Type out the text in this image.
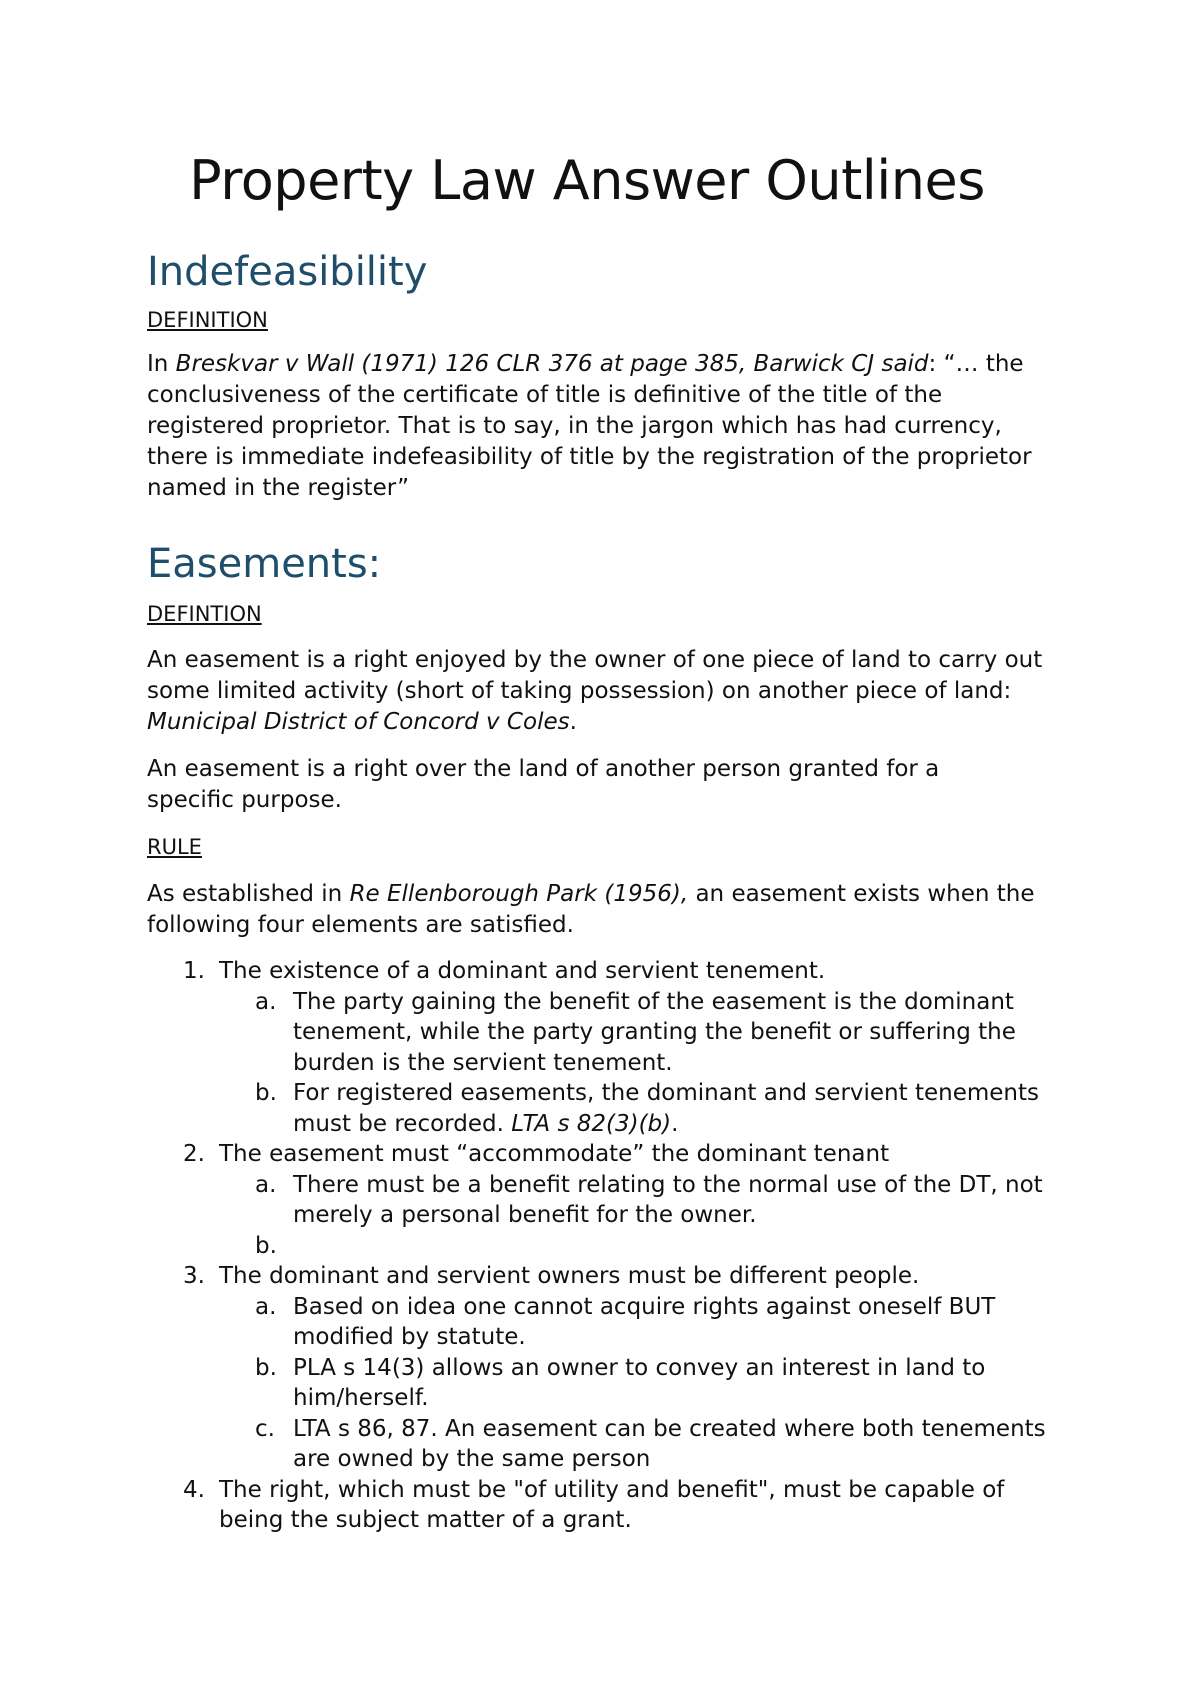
Property Law Answer Outlines
Indefeasibility
DEFINITION

In Breskvar v Wall (1971) 126 CLR 376 at page 385, Barwick CJ said: “… the conclusiveness of the certificate of title is definitive of the title of the registered proprietor. That is to say, in the jargon which has had currency, there is immediate indefeasibility of title by the registration of the proprietor named in the register”

Easements:
DEFINTION

An easement is a right enjoyed by the owner of one piece of land to carry out some limited activity (short of taking possession) on another piece of land: Municipal District of Concord v Coles.

An easement is a right over the land of another person granted for a specific purpose.

RULE

As established in Re Ellenborough Park (1956), an easement exists when the following four elements are satisfied.

1. The existence of a dominant and servient tenement.
a. The party gaining the benefit of the easement is the dominant tenement, while the party granting the benefit or suffering the burden is the servient tenement.
b. For registered easements, the dominant and servient tenements must be recorded. LTA s 82(3)(b).
2. The easement must “accommodate” the dominant tenant
a. There must be a benefit relating to the normal use of the DT, not merely a personal benefit for the owner.
b.
3. The dominant and servient owners must be different people.
a. Based on idea one cannot acquire rights against oneself BUT modified by statute.
b. PLA s 14(3) allows an owner to convey an interest in land to him/herself.
c. LTA s 86, 87. An easement can be created where both tenements are owned by the same person
4. The right, which must be "of utility and benefit", must be capable of being the subject matter of a grant.
